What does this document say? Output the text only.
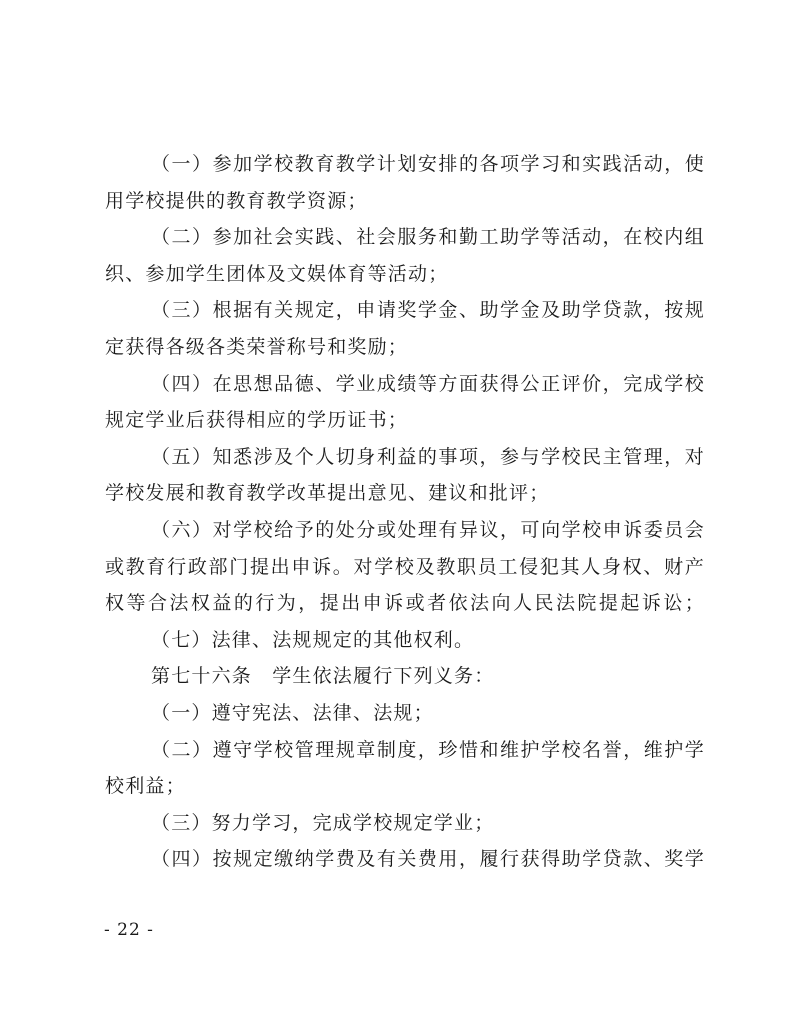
（一）参加学校教育教学计划安排的各项学习和实践活动，使
用学校提供的教育教学资源；
（二）参加社会实践、社会服务和勤工助学等活动，在校内组
织、参加学生团体及文娱体育等活动；
（三）根据有关规定，申请奖学金、助学金及助学贷款，按规
定获得各级各类荣誉称号和奖励；
（四）在思想品德、学业成绩等方面获得公正评价，完成学校
规定学业后获得相应的学历证书；
（五）知悉涉及个人切身利益的事项，参与学校民主管理，对
学校发展和教育教学改革提出意见、建议和批评；
（六）对学校给予的处分或处理有异议，可向学校申诉委员会
或教育行政部门提出申诉。对学校及教职员工侵犯其人身权、财产
权等合法权益的行为，提出申诉或者依法向人民法院提起诉讼；
（七）法律、法规规定的其他权利。
第七十六条　学生依法履行下列义务：
（一）遵守宪法、法律、法规；
（二）遵守学校管理规章制度，珍惜和维护学校名誉，维护学
校利益；
（三）努力学习，完成学校规定学业；
（四）按规定缴纳学费及有关费用，履行获得助学贷款、奖学
- 22 -
